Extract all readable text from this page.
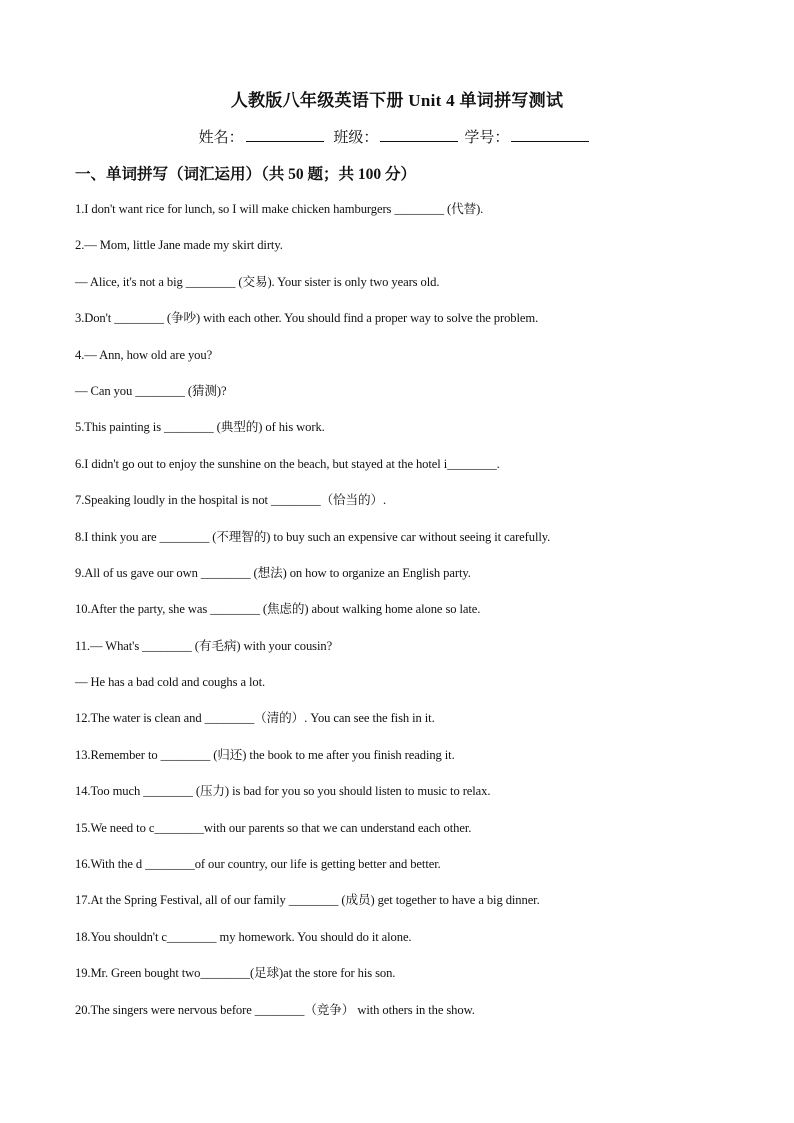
人教版八年级英语下册 Unit 4 单词拼写测试
姓名：	班级：	学号：
一、单词拼写（词汇运用）（共 50 题；共 100 分）
1.I don't want rice for lunch, so I will make chicken hamburgers ________ (代替).
2.— Mom, little Jane made my skirt dirty.
— Alice, it's not a big ________ (交易). Your sister is only two years old.
3.Don't ________ (争吵) with each other. You should find a proper way to solve the problem.
4.— Ann, how old are you?
— Can you ________ (猜测)?
5.This painting is ________ (典型的) of his work.
6.I didn't go out to enjoy the sunshine on the beach, but stayed at the hotel i________.
7.Speaking loudly in the hospital is not ________（恰当的）.
8.I think you are ________ (不理智的) to buy such an expensive car without seeing it carefully.
9.All of us gave our own ________ (想法) on how to organize an English party.
10.After the party, she was ________ (焦虑的) about walking home alone so late.
11.— What's ________ (有毛病) with your cousin?
— He has a bad cold and coughs a lot.
12.The water is clean and ________（清的）. You can see the fish in it.
13.Remember to ________ (归还) the book to me after you finish reading it.
14.Too much ________ (压力) is bad for you so you should listen to music to relax.
15.We need to c________with our parents so that we can understand each other.
16.With the d ________of our country, our life is getting better and better.
17.At the Spring Festival, all of our family ________ (成员) get together to have a big dinner.
18.You shouldn't c________ my homework. You should do it alone.
19.Mr. Green bought two________(足球)at the store for his son.
20.The singers were nervous before ________（竞争） with others in the show.
